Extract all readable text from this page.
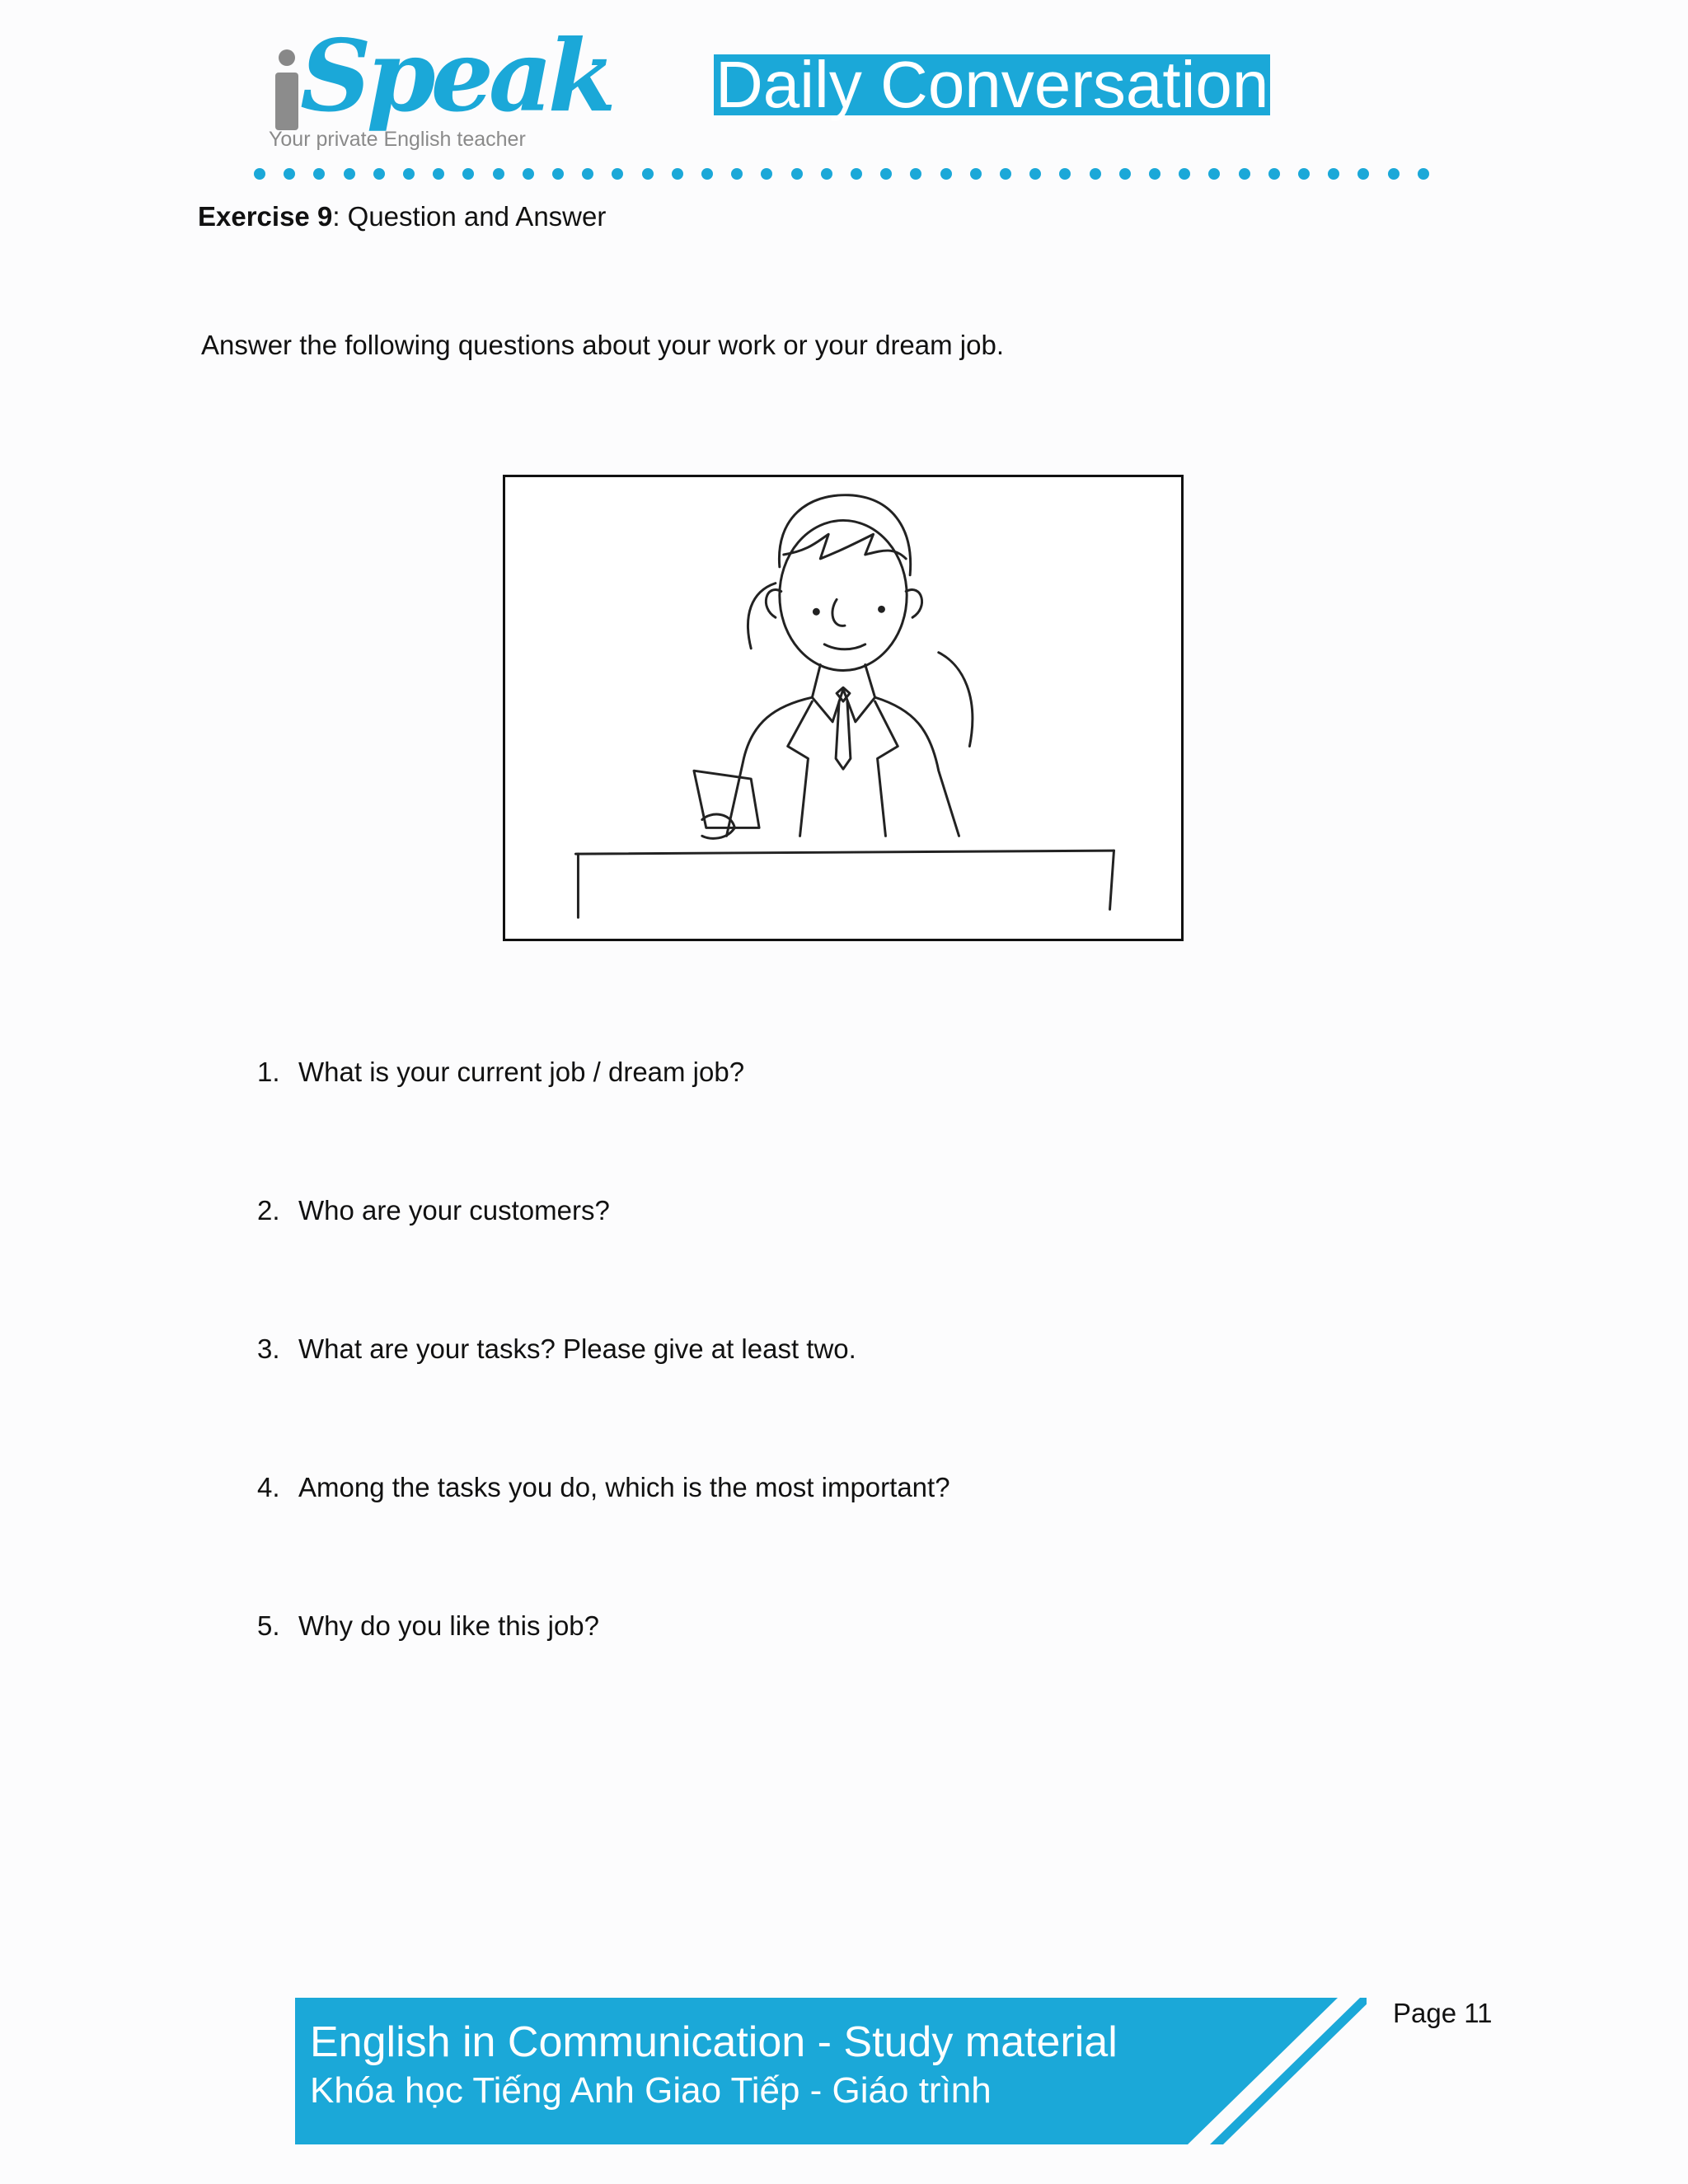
Speak
Your private English teacher
Daily Conversation
Exercise 9: Question and Answer
Answer the following questions about your work or your dream job.
1. What is your current job / dream job?
2. Who are your customers?
3. What are your tasks? Please give at least two.
4. Among the tasks you do, which is the most important?
5. Why do you like this job?
English in Communication - Study material
Khóa học Tiếng Anh Giao Tiếp - Giáo trình
Page 11
